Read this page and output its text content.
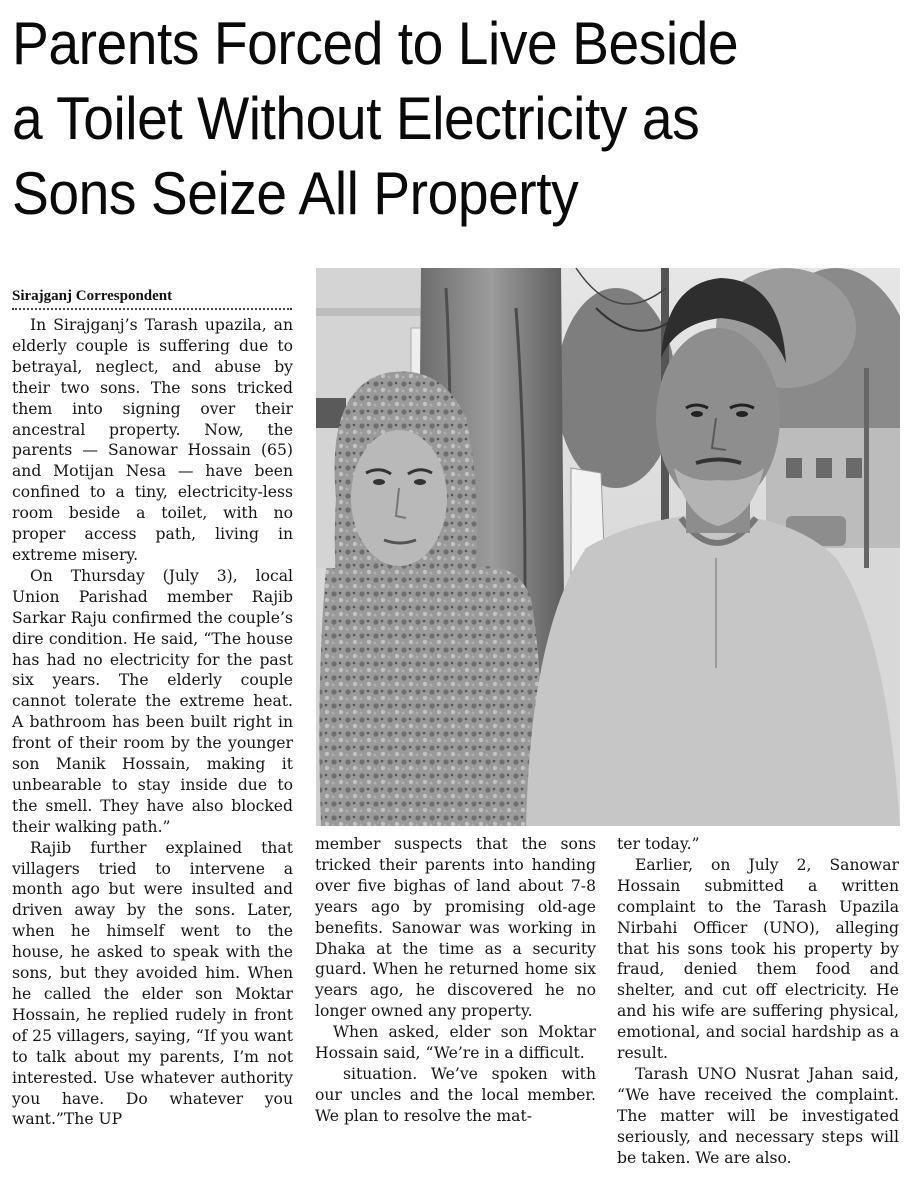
Parents Forced to Live Beside
a Toilet Without Electricity as
Sons Seize All Property
Sirajganj Correspondent

In Sirajganj’s Tarash upazila, an elderly couple is suffering due to betrayal, neglect, and abuse by their two sons. The sons tricked them into signing over their ancestral property. Now, the parents — Sanowar Hossain (65) and Motijan Nesa — have been confined to a tiny, electricity-less room beside a toilet, with no proper access path, living in extreme misery.

On Thursday (July 3), local Union Parishad member Rajib Sarkar Raju confirmed the couple’s dire condition. He said, “The house has had no electricity for the past six years. The elderly couple cannot tolerate the extreme heat. A bathroom has been built right in front of their room by the younger son Manik Hossain, making it unbearable to stay inside due to the smell. They have also blocked their walking path.”

Rajib further explained that villagers tried to intervene a month ago but were insulted and driven away by the sons. Later, when he himself went to the house, he asked to speak with the sons, but they avoided him. When he called the elder son Moktar Hossain, he replied rudely in front of 25 villagers, saying, “If you want to talk about my parents, I’m not interested. Use whatever authority you have. Do whatever you want.”The UP

member suspects that the sons tricked their parents into handing over five bighas of land about 7-8 years ago by promising old-age benefits. Sanowar was working in Dhaka at the time as a security guard. When he returned home six years ago, he discovered he no longer owned any property.

When asked, elder son Moktar Hossain said, “We’re in a difficult.

situation. We’ve spoken with our uncles and the local member. We plan to resolve the mat-

ter today.”

Earlier, on July 2, Sanowar Hossain submitted a written complaint to the Tarash Upazila Nirbahi Officer (UNO), alleging that his sons took his property by fraud, denied them food and shelter, and cut off electricity. He and his wife are suffering physical, emotional, and social hardship as a result.

Tarash UNO Nusrat Jahan said, “We have received the complaint. The matter will be investigated seriously, and necessary steps will be taken. We are also.
